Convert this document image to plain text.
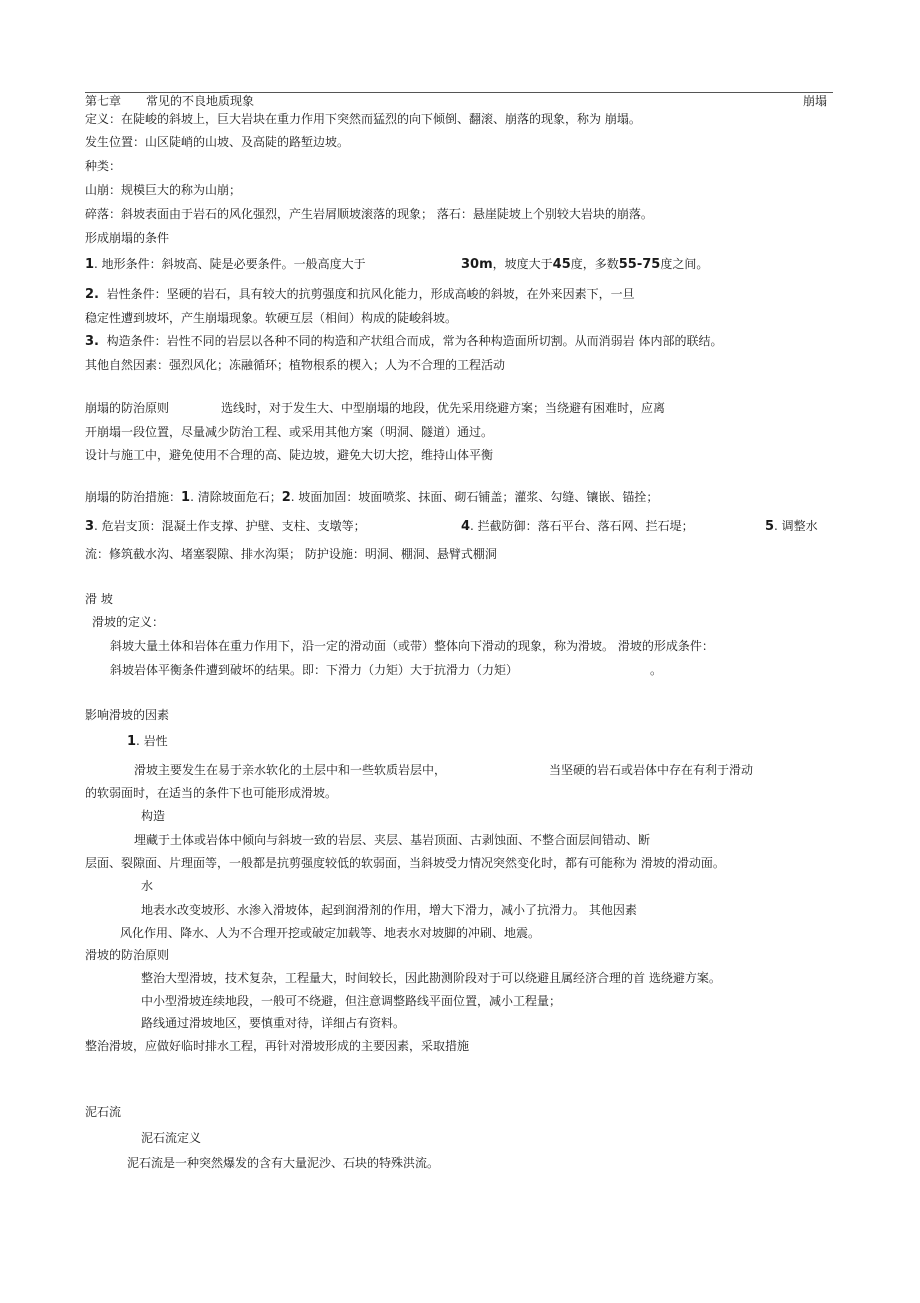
第七章 常见的不良地质现象	崩塌
定义：在陡峻的斜坡上，巨大岩块在重力作用下突然而猛烈的向下倾倒、翻滚、崩落的现象，称为 崩塌。
发生位置：山区陡峭的山坡、及高陡的路堑边坡。
种类：
山崩：规模巨大的称为山崩；
碎落：斜坡表面由于岩石的风化强烈，产生岩屑顺坡滚落的现象； 落石：悬崖陡坡上个别较大岩块的崩落。
形成崩塌的条件
1. 地形条件：斜坡高、陡是必要条件。一般高度大于	30m，坡度大于45度，多数55-75度之间。
2. 岩性条件：坚硬的岩石，具有较大的抗剪强度和抗风化能力，形成高峻的斜坡，在外来因素下，一旦
稳定性遭到坡坏，产生崩塌现象。软硬互层（相间）构成的陡峻斜坡。
3. 构造条件：岩性不同的岩层以各种不同的构造和产状组合而成，常为各种构造面所切割。从而消弱岩 体内部的联结。
其他自然因素：强烈风化；冻融循环；植物根系的楔入；人为不合理的工程活动
崩塌的防治原则	选线时，对于发生大、中型崩塌的地段，优先采用绕避方案；当绕避有困难时，应离
开崩塌一段位置，尽量减少防治工程、或采用其他方案（明洞、隧道）通过。
设计与施工中，避免使用不合理的高、陡边坡，避免大切大挖，维持山体平衡
崩塌的防治措施：1. 清除坡面危石；2. 坡面加固：坡面喷浆、抹面、砌石铺盖；灌浆、勾缝、镶嵌、锚拴；
3. 危岩支顶：混凝土作支撑、护壁、支柱、支墩等；	4. 拦截防御：落石平台、落石网、拦石堤；	5. 调整水
流：修筑截水沟、堵塞裂隙、排水沟渠； 防护设施：明洞、棚洞、悬臂式棚洞
滑 坡
滑坡的定义：
斜坡大量土体和岩体在重力作用下，沿一定的滑动面（或带）整体向下滑动的现象，称为滑坡。 滑坡的形成条件：
斜坡岩体平衡条件遭到破坏的结果。即：下滑力（力矩）大于抗滑力（力矩）	。
影响滑坡的因素
1. 岩性
滑坡主要发生在易于亲水软化的土层中和一些软质岩层中，	当坚硬的岩石或岩体中存在有利于滑动
的软弱面时，在适当的条件下也可能形成滑坡。
构造
埋藏于土体或岩体中倾向与斜坡一致的岩层、夹层、基岩顶面、古剥蚀面、不整合面层间错动、断
层面、裂隙面、片理面等，一般都是抗剪强度较低的软弱面，当斜坡受力情况突然变化时，都有可能称为 滑坡的滑动面。
水
地表水改变坡形、水渗入滑坡体，起到润滑剂的作用，增大下滑力，减小了抗滑力。 其他因素
风化作用、降水、人为不合理开挖或破定加载等、地表水对坡脚的冲刷、地震。
滑坡的防治原则
整治大型滑坡，技术复杂，工程量大，时间较长，因此勘测阶段对于可以绕避且属经济合理的首 选绕避方案。
中小型滑坡连续地段，一般可不绕避，但注意调整路线平面位置，减小工程量；
路线通过滑坡地区，要慎重对待，详细占有资料。
整治滑坡，应做好临时排水工程，再针对滑坡形成的主要因素，采取措施
泥石流
泥石流定义
泥石流是一种突然爆发的含有大量泥沙、石块的特殊洪流。
